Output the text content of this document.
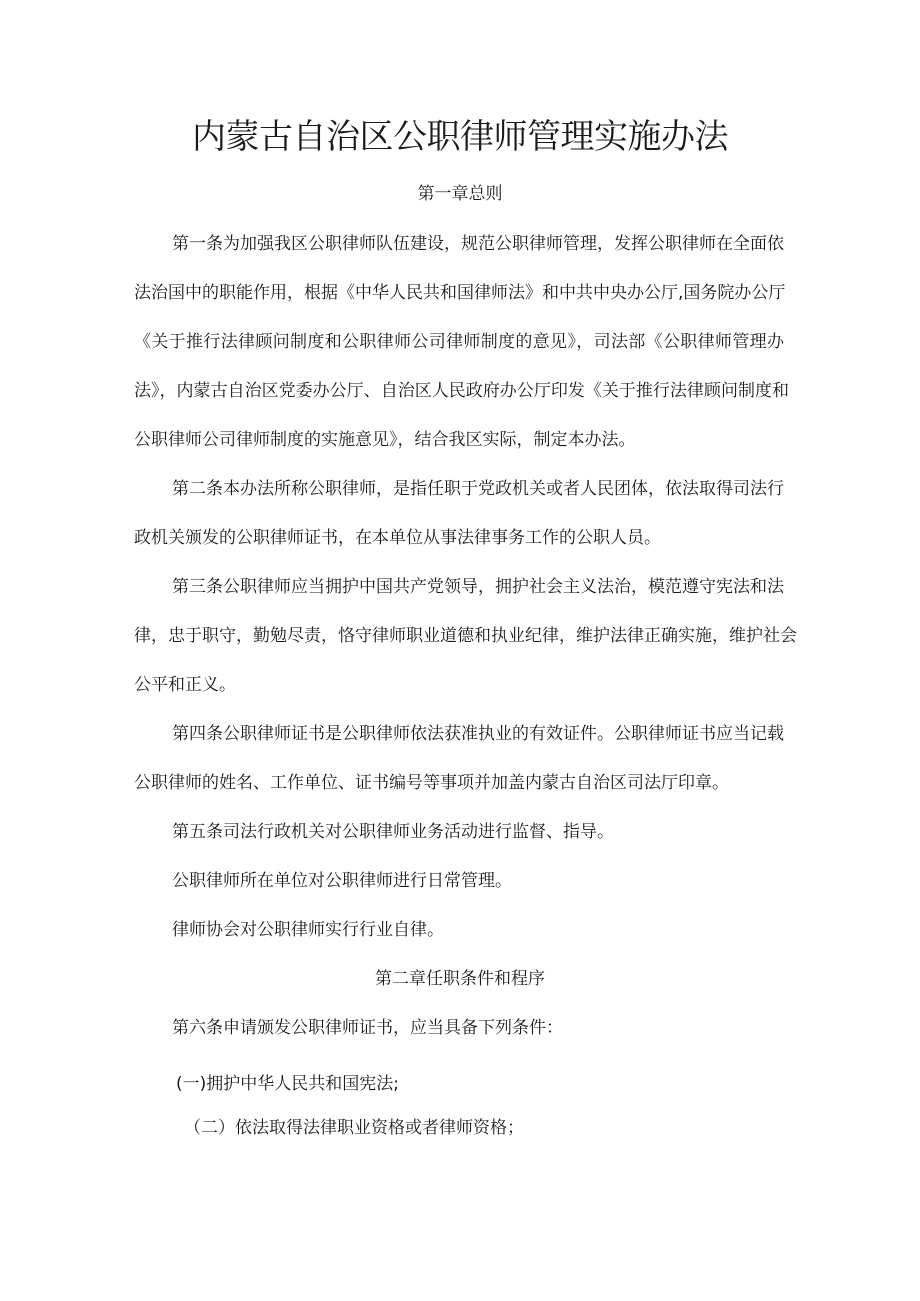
内蒙古自治区公职律师管理实施办法
第一章总则
第一条为加强我区公职律师队伍建设，规范公职律师管理，发挥公职律师在全面依
法治国中的职能作用，根据《中华人民共和国律师法》和中共中央办公厅,国务院办公厅
《关于推行法律顾问制度和公职律师公司律师制度的意见》，司法部《公职律师管理办
法》，内蒙古自治区党委办公厅、自治区人民政府办公厅印发《关于推行法律顾问制度和
公职律师公司律师制度的实施意见》，结合我区实际，制定本办法。
第二条本办法所称公职律师，是指任职于党政机关或者人民团体，依法取得司法行
政机关颁发的公职律师证书，在本单位从事法律事务工作的公职人员。
第三条公职律师应当拥护中国共产党领导，拥护社会主义法治，模范遵守宪法和法
律，忠于职守，勤勉尽责，恪守律师职业道德和执业纪律，维护法律正确实施，维护社会
公平和正义。
第四条公职律师证书是公职律师依法获准执业的有效证件。公职律师证书应当记载
公职律师的姓名、工作单位、证书编号等事项并加盖内蒙古自治区司法厅印章。
第五条司法行政机关对公职律师业务活动进行监督、指导。
公职律师所在单位对公职律师进行日常管理。
律师协会对公职律师实行行业自律。
第二章任职条件和程序
第六条申请颁发公职律师证书，应当具备下列条件：
(一)拥护中华人民共和国宪法;
（二）依法取得法律职业资格或者律师资格；
